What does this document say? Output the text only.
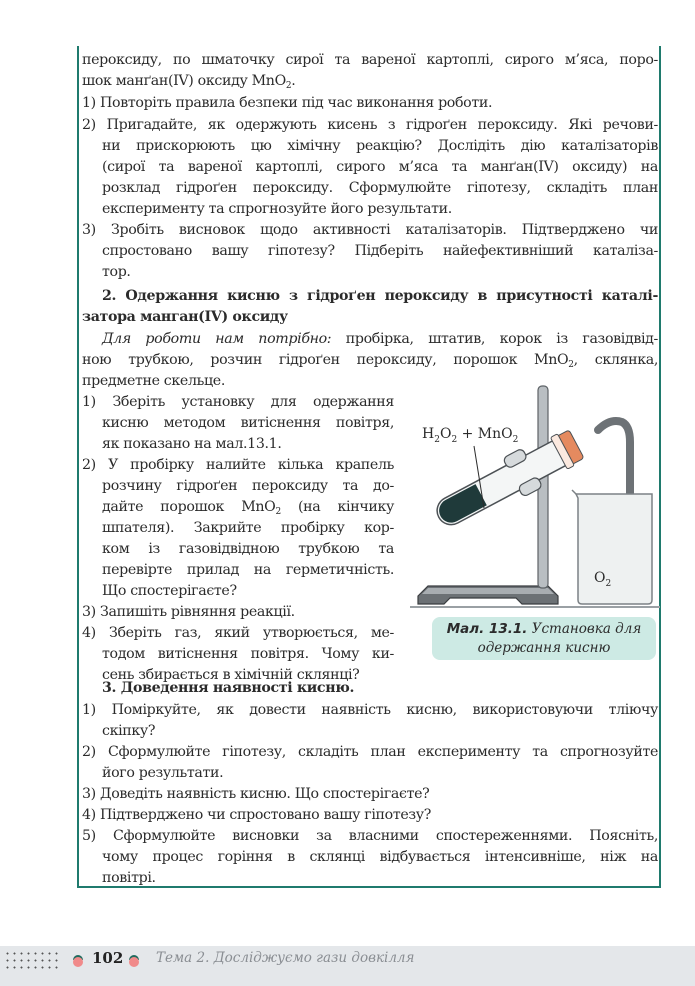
пероксиду, по шматочку сирої та вареної картоплі, сирого м’яса, поро-
шок манґан(IV) оксиду MnO$_2$.
1) Повторіть правила безпеки під час виконання роботи.
2) Пригадайте, як одержують кисень з гідроґен пероксиду. Які речови-
ни прискорюють цю хімічну реакцію? Дослідіть дію каталізаторів
(сирої та вареної картоплі, сирого м’яса та манґан(IV) оксиду) на
розклад гідроґен пероксиду. Сформулюйте гіпотезу, складіть план
експерименту та спрогнозуйте його результати.
3) Зробіть висновок щодо активності каталізаторів. Підтверджено чи
спростовано вашу гіпотезу? Підберіть найефективніший каталіза-
тор.
2. Одержання кисню з гідроґен пероксиду в присутності каталі-
затора манган(IV) оксиду
Для роботи нам потрібно: пробірка, штатив, корок із газовідвід-
ною трубкою, розчин гідроґен пероксиду, порошок MnO$_2$, склянка,
предметне скельце.
1) Зберіть установку для одержання
кисню методом витіснення повітря,
як показано на мал.13.1.
2) У пробірку налийте кілька крапель
розчину гідроґен пероксиду та до-
дайте порошок MnO$_2$ (на кінчику
шпателя). Закрийте пробірку кор-
ком із газовідвідною трубкою та
перевірте прилад на герметичність.
Що спостерігаєте?
3) Запишіть рівняння реакції.
4) Зберіть газ, який утворюється, ме-
тодом витіснення повітря. Чому ки-
сень збирається в хімічній склянці?
$H_2O_2 + MnO_2$
$O_2$
Мал. 13.1. Установка для
одержання кисню
3. Доведення наявності кисню.
1) Поміркуйте, як довести наявність кисню, використовуючи тліючу
скіпку?
2) Сформулюйте гіпотезу, складіть план експерименту та спрогнозуйте
його результати.
3) Доведіть наявність кисню. Що спостерігаєте?
4) Підтверджено чи спростовано вашу гіпотезу?
5) Сформулюйте висновки за власними спостереженнями. Поясніть,
чому процес горіння в склянці відбувається інтенсивніше, ніж на
повітрі.
102 Тема 2. Досліджуємо гази довкілля
